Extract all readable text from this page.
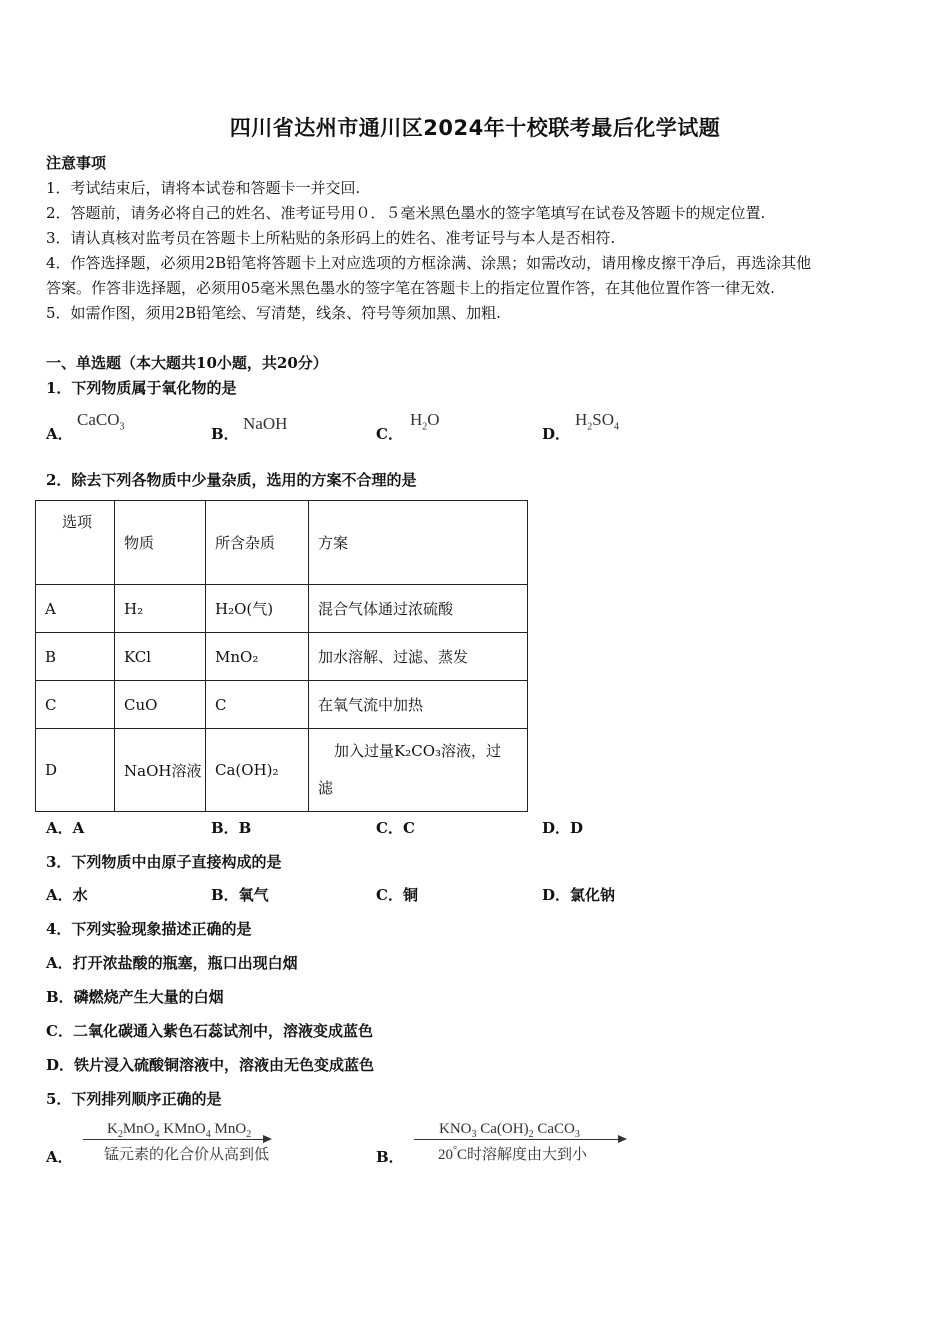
四川省达州市通川区2024年十校联考最后化学试题
注意事项
1．考试结束后，请将本试卷和答题卡一并交回.
2．答题前，请务必将自己的姓名、准考证号用０．５毫米黑色墨水的签字笔填写在试卷及答题卡的规定位置.
3．请认真核对监考员在答题卡上所粘贴的条形码上的姓名、准考证号与本人是否相符.
4．作答选择题，必须用2B铅笔将答题卡上对应选项的方框涂满、涂黑；如需改动，请用橡皮擦干净后，再选涂其他
答案。作答非选择题，必须用05毫米黑色墨水的签字笔在答题卡上的指定位置作答，在其他位置作答一律无效.
5．如需作图，须用2B铅笔绘、写清楚，线条、符号等须加黑、加粗.
一、单选题（本大题共10小题，共20分）
1．下列物质属于氧化物的是
A．
CaCO$_3$	B．
NaOH
C．
$H_2O$
D．
$H_2SO_4$
2．除去下列各物质中少量杂质，选用的方案不合理的是
选项	物质	所含杂质	方案
A	H₂	H₂O(气)	混合气体通过浓硫酸
B	KCl	MnO₂	加水溶解、过滤、蒸发
C	CuO	C	在氧气流中加热
D	NaOH溶液	Ca(OH)₂	加入过量K₂CO₃溶液，过
滤
A．A	B．B	C．C	D．D
3．下列物质中由原子直接构成的是
A．水	B．氧气	C．铜	D．氯化钠
4．下列实验现象描述正确的是
A．打开浓盐酸的瓶塞，瓶口出现白烟
B．磷燃烧产生大量的白烟
C．二氧化碳通入紫色石蕊试剂中，溶液变成蓝色
D．铁片浸入硫酸铜溶液中，溶液由无色变成蓝色
5．下列排列顺序正确的是
A．
$K_2MnO_4$ KMnO$_4$ MnO$_2$
锰元素的化合价从高到低	B．
$KNO_3$ $Ca(OH)_2$ CaCO$_3$
20°C时溶解度由大到小
